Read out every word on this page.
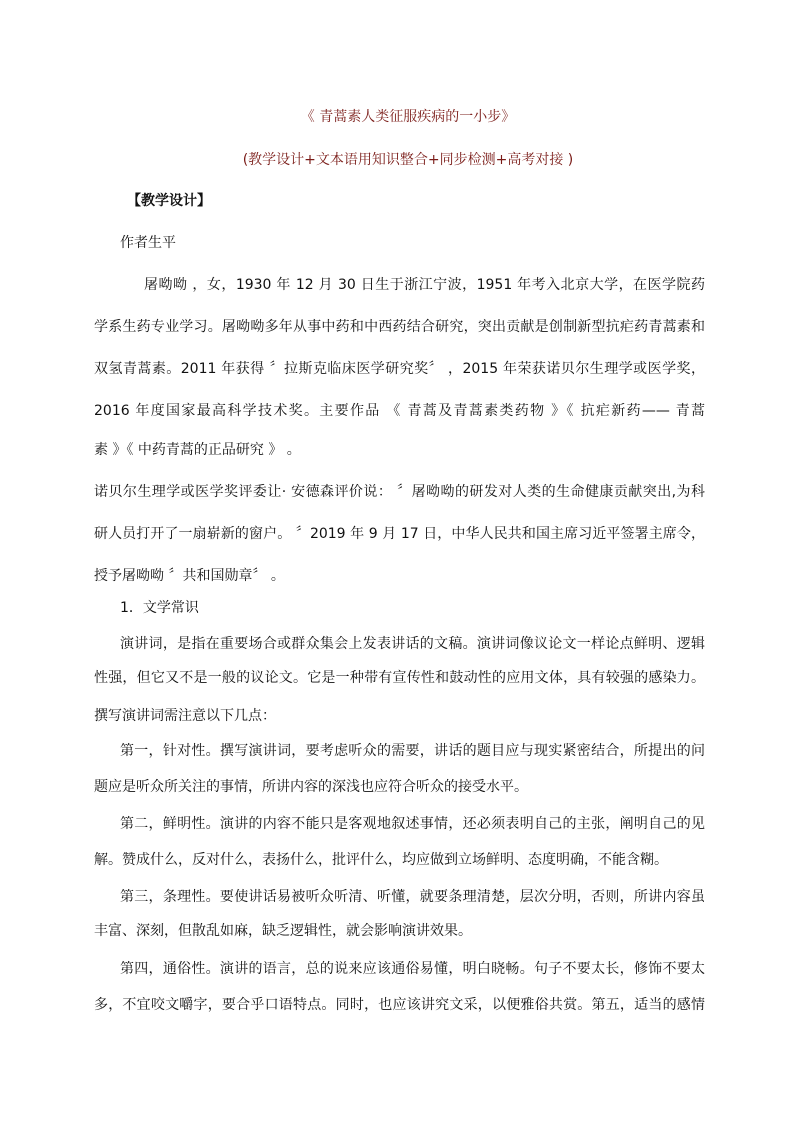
《 青蒿素人类征服疾病的一小步》
(教学设计+文本语用知识整合+同步检测+高考对接 )
【教学设计】
作者生平
屠呦呦 ，女，1930 年 12 月 30 日生于浙江宁波，1951 年考入北京大学，在医学院药
学系生药专业学习。屠呦呦多年从事中药和中西药结合研究，突出贡献是创制新型抗疟药青蒿素和
双氢青蒿素。2011 年获得 〞拉斯克临床医学研究奖〞 ，2015 年荣获诺贝尔生理学或医学奖，
2016 年度国家最高科学技术奖。主要作品 《 青蒿及青蒿素类药物 》《 抗疟新药—— 青蒿
素 》《 中药青蒿的正品研究 》 。
诺贝尔生理学或医学奖评委让· 安德森评价说： 〞屠呦呦的研发对人类的生命健康贡献突出,为科
研人员打开了一扇崭新的窗户。 〞2019 年 9 月 17 日，中华人民共和国主席习近平签署主席令，
授予屠呦呦 〞共和国勋章〞 。
1．文学常识
演讲词，是指在重要场合或群众集会上发表讲话的文稿。演讲词像议论文一样论点鲜明、逻辑
性强，但它又不是一般的议论文。它是一种带有宣传性和鼓动性的应用文体，具有较强的感染力。
撰写演讲词需注意以下几点：
第一，针对性。撰写演讲词，要考虑听众的需要，讲话的题目应与现实紧密结合，所提出的问
题应是听众所关注的事情，所讲内容的深浅也应符合听众的接受水平。
第二，鲜明性。演讲的内容不能只是客观地叙述事情，还必须表明自己的主张，阐明自己的见
解。赞成什么，反对什么，表扬什么，批评什么，均应做到立场鲜明、态度明确，不能含糊。
第三，条理性。要使讲话易被听众听清、听懂，就要条理清楚，层次分明，否则，所讲内容虽
丰富、深刻，但散乱如麻，缺乏逻辑性，就会影响演讲效果。
第四，通俗性。演讲的语言，总的说来应该通俗易懂，明白晓畅。句子不要太长，修饰不要太
多，不宜咬文嚼字，要合乎口语特点。同时，也应该讲究文采，以便雅俗共赏。第五，适当的感情
